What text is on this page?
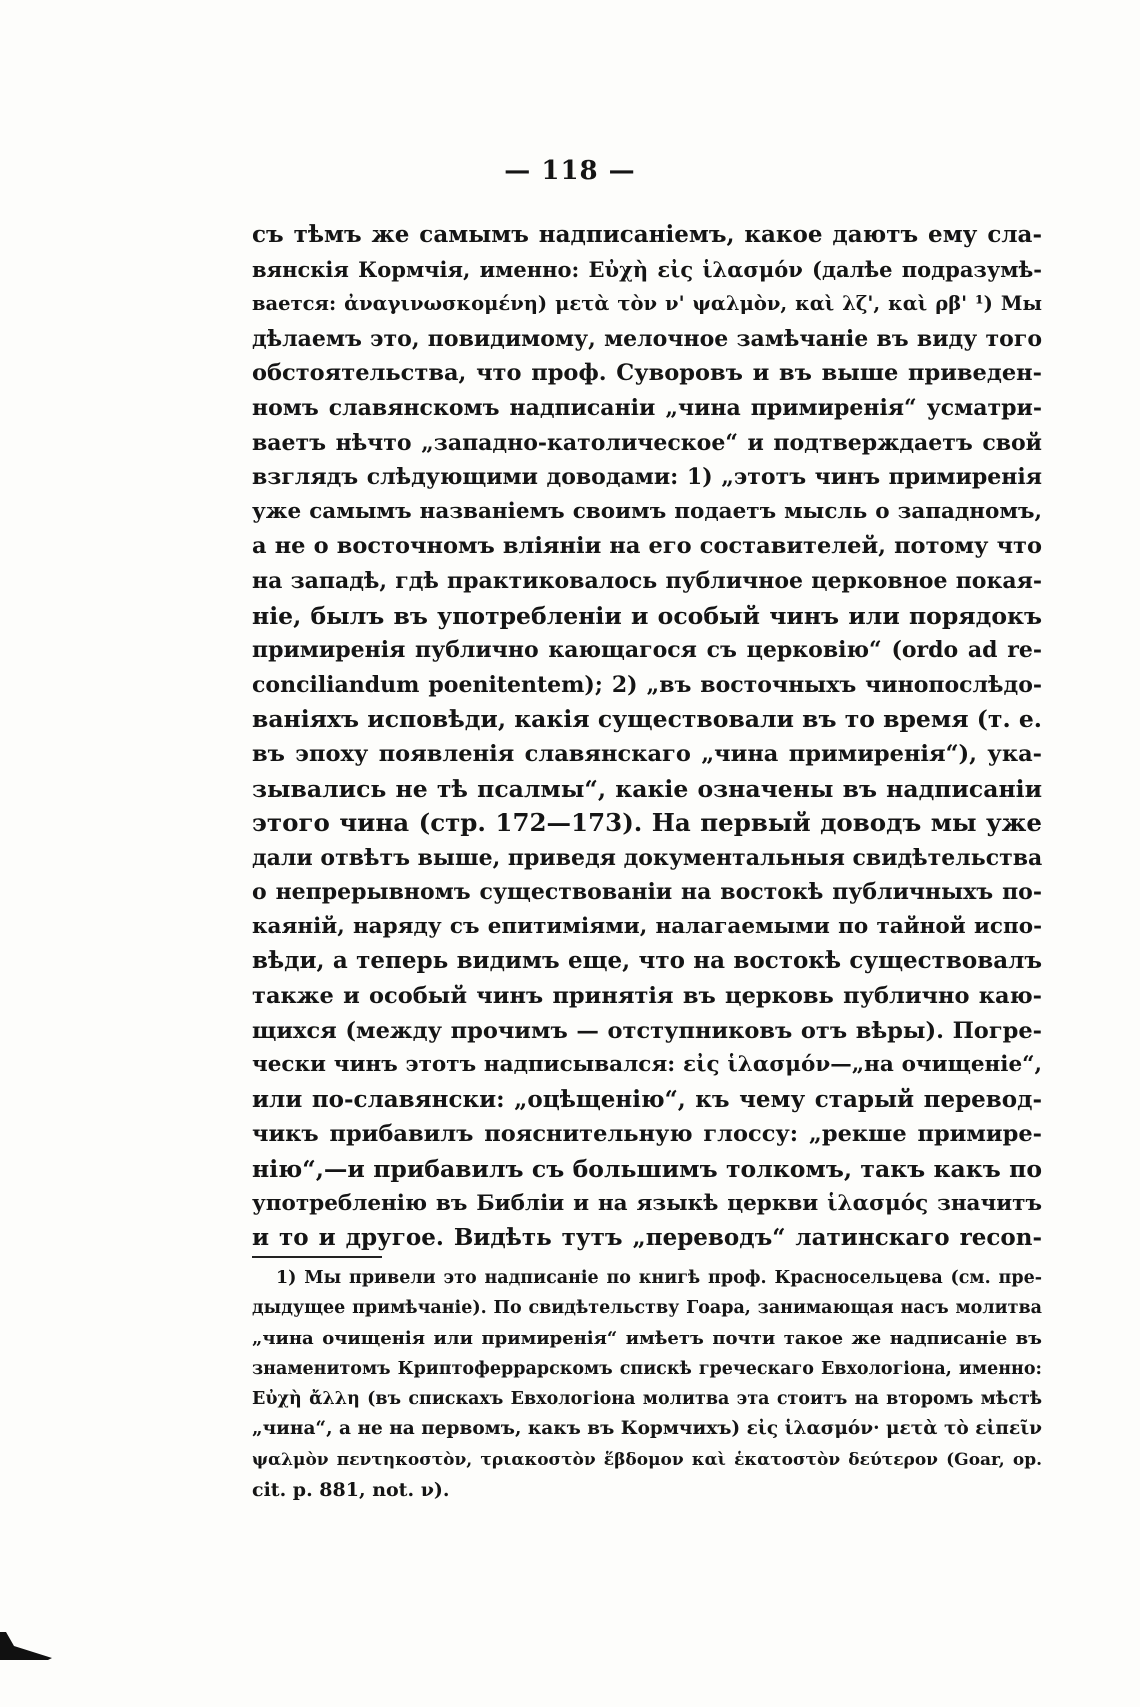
— 118 —
съ тѣмъ же самымъ надписаніемъ, какое даютъ ему сла-
вянскія Кормчія, именно: Εὐχὴ εἰς ἱλασμόν (далѣе подразумѣ-
вается: ἀναγινωσκομένη) μετὰ τὸν ν' ψαλμὸν, καὶ λζ', καὶ ρβ' ¹) Мы
дѣлаемъ это, повидимому, мелочное замѣчаніе въ виду того
обстоятельства, что проф. Суворовъ и въ выше приведен-
номъ славянскомъ надписаніи „чина примиренія“ усматри-
ваетъ нѣчто „западно-католическое“ и подтверждаетъ свой
взглядъ слѣдующими доводами: 1) „этотъ чинъ примиренія
уже самымъ названіемъ своимъ подаетъ мысль о западномъ,
а не о восточномъ вліяніи на его составителей, потому что
на западѣ, гдѣ практиковалось публичное церковное покая-
ніе, былъ въ употребленіи и особый чинъ или порядокъ
примиренія публично кающагося съ церковію“ (ordo ad re-
conciliandum poenitentem); 2) „въ восточныхъ чинопослѣдо-
ваніяхъ исповѣди, какія существовали въ то время (т. е.
въ эпоху появленія славянскаго „чина примиренія“), ука-
зывались не тѣ псалмы“, какіе означены въ надписаніи
этого чина (стр. 172—173). На первый доводъ мы уже
дали отвѣтъ выше, приведя документальныя свидѣтельства
о непрерывномъ существованіи на востокѣ публичныхъ по-
каяній, наряду съ епитиміями, налагаемыми по тайной испо-
вѣди, а теперь видимъ еще, что на востокѣ существовалъ
также и особый чинъ принятія въ церковь публично каю-
щихся (между прочимъ — отступниковъ отъ вѣры). Погре-
чески чинъ этотъ надписывался: εἰς ἱλασμόν—„на очищеніе“,
или по-славянски: „оцѣщенію“, къ чему старый перевод-
чикъ прибавилъ пояснительную глоссу: „рекше примире-
нію“,—и прибавилъ съ большимъ толкомъ, такъ какъ по
употребленію въ Библіи и на языкѣ церкви ἱλασμός значитъ
и то и другое. Видѣть тутъ „переводъ“ латинскаго recon-
1) Мы привели это надписаніе по книгѣ проф. Красносельцева (см. пре-
дыдущее примѣчаніе). По свидѣтельству Гоара, занимающая насъ молитва
„чина очищенія или примиренія“ имѣетъ почти такое же надписаніе въ
знаменитомъ Криптоферрарскомъ спискѣ греческаго Евхологіона, именно:
Εὐχὴ ἄλλη (въ спискахъ Евхологіона молитва эта стоитъ на второмъ мѣстѣ
„чина“, а не на первомъ, какъ въ Кормчихъ) εἰς ἱλασμόν· μετὰ τὸ εἰπεῖν
ψαλμὸν πεντηκοστὸν, τριακοστὸν ἕβδομον καὶ ἑκατοστὸν δεύτερον (Goar, op.
cit. p. 881, not. ν).
